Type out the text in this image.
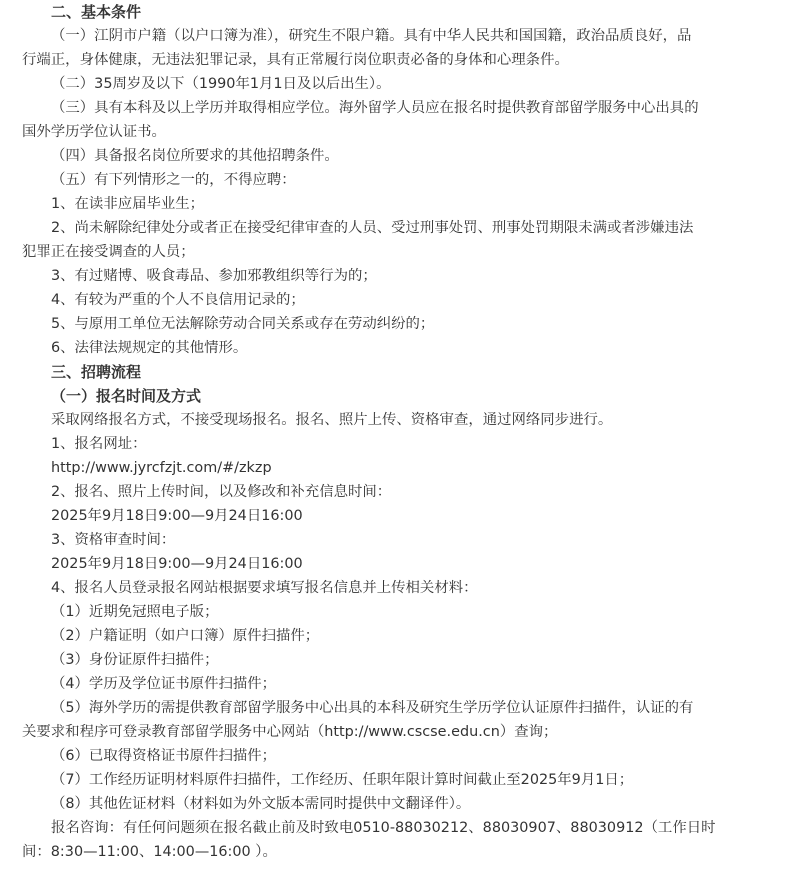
二、基本条件
（一）江阴市户籍（以户口簿为准），研究生不限户籍。具有中华人民共和国国籍，政治品质良好，品
行端正，身体健康，无违法犯罪记录，具有正常履行岗位职责必备的身体和心理条件。
（二）35周岁及以下（1990年1月1日及以后出生）。
（三）具有本科及以上学历并取得相应学位。海外留学人员应在报名时提供教育部留学服务中心出具的
国外学历学位认证书。
（四）具备报名岗位所要求的其他招聘条件。
（五）有下列情形之一的，不得应聘：
1、在读非应届毕业生；
2、尚未解除纪律处分或者正在接受纪律审查的人员、受过刑事处罚、刑事处罚期限未满或者涉嫌违法
犯罪正在接受调查的人员；
3、有过赌博、吸食毒品、参加邪教组织等行为的；
4、有较为严重的个人不良信用记录的；
5、与原用工单位无法解除劳动合同关系或存在劳动纠纷的；
6、法律法规规定的其他情形。
三、招聘流程
（一）报名时间及方式
采取网络报名方式，不接受现场报名。报名、照片上传、资格审查，通过网络同步进行。
1、报名网址：
http://www.jyrcfzjt.com/#/zkzp
2、报名、照片上传时间，以及修改和补充信息时间：
2025年9月18日9:00—9月24日16:00
3、资格审查时间：
2025年9月18日9:00—9月24日16:00
4、报名人员登录报名网站根据要求填写报名信息并上传相关材料：
（1）近期免冠照电子版；
（2）户籍证明（如户口簿）原件扫描件；
（3）身份证原件扫描件；
（4）学历及学位证书原件扫描件；
（5）海外学历的需提供教育部留学服务中心出具的本科及研究生学历学位认证原件扫描件，认证的有
关要求和程序可登录教育部留学服务中心网站（http://www.cscse.edu.cn）查询；
（6）已取得资格证书原件扫描件；
（7）工作经历证明材料原件扫描件，工作经历、任职年限计算时间截止至2025年9月1日；
（8）其他佐证材料（材料如为外文版本需同时提供中文翻译件）。
报名咨询：有任何问题须在报名截止前及时致电0510-88030212、88030907、88030912（工作日时
间：8:30—11:00、14:00—16:00 ）。
